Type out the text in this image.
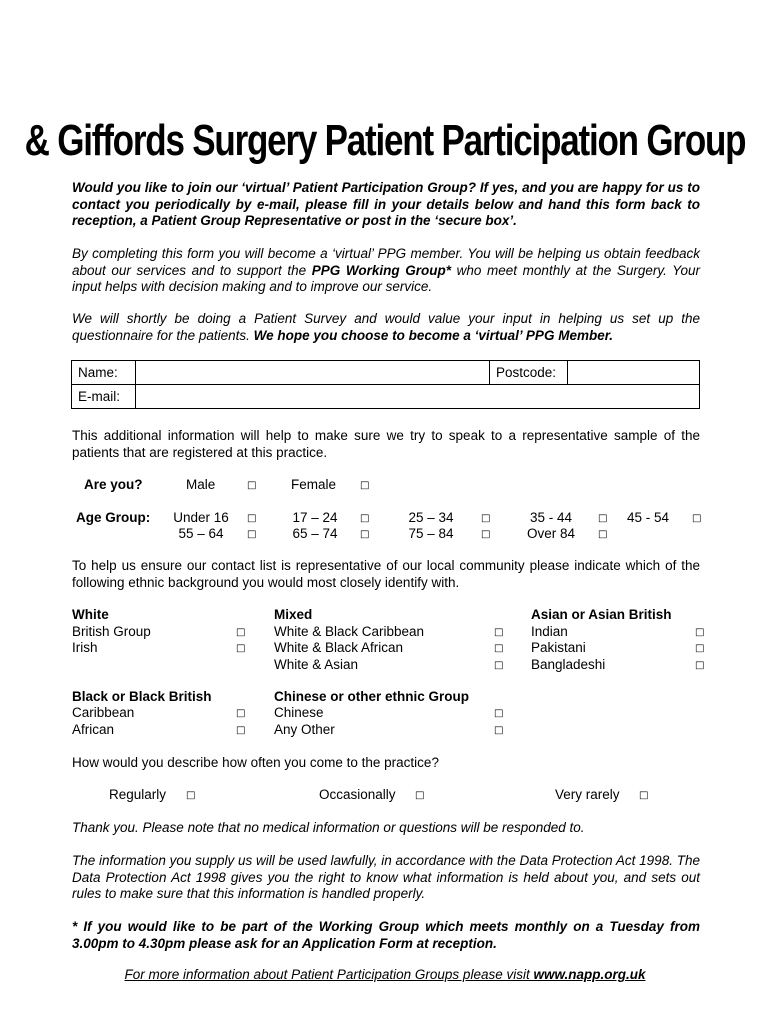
& Giffords Surgery Patient Participation Group
Would you like to join our ‘virtual’ Patient Participation Group? If yes, and you are happy for us to contact you periodically by e-mail, please fill in your details below and hand this form back to reception, a Patient Group Representative or post in the ‘secure box’.
By completing this form you will become a ‘virtual’ PPG member. You will be helping us obtain feedback about our services and to support the PPG Working Group* who meet monthly at the Surgery. Your input helps with decision making and to improve our service.
We will shortly be doing a Patient Survey and would value your input in helping us set up the questionnaire for the patients. We hope you choose to become a ‘virtual’ PPG Member.
Name:		Postcode:	
E-mail:			
This additional information will help to make sure we try to speak to a representative sample of the patients that are registered at this practice.
Are you?	Male	□	Female □
Age Group: Under 16	□	17 – 24	□	25 – 34	□	35 - 44	□ 45 - 54 □
55 – 64	□	65 – 74	□	75 – 84	□	Over 84	□
To help us ensure our contact list is representative of our local community please indicate which of the following ethnic background you would most closely identify with.
White
British Group	□
Irish	□
Mixed
White & Black Caribbean	□
White & Black African	□
White & Asian	□
Asian or Asian British
Indian	□
Pakistani	□
Bangladeshi	□
Black or Black British
Caribbean	□
African	□
Chinese or other ethnic Group
Chinese	□
Any Other	□
How would you describe how often you come to the practice?
Regularly □	Occasionally □	Very rarely □
Thank you. Please note that no medical information or questions will be responded to.
The information you supply us will be used lawfully, in accordance with the Data Protection Act 1998. The Data Protection Act 1998 gives you the right to know what information is held about you, and sets out rules to make sure that this information is handled properly.
* If you would like to be part of the Working Group which meets monthly on a Tuesday from 3.00pm to 4.30pm please ask for an Application Form at reception.
For more information about Patient Participation Groups please visit www.napp.org.uk
